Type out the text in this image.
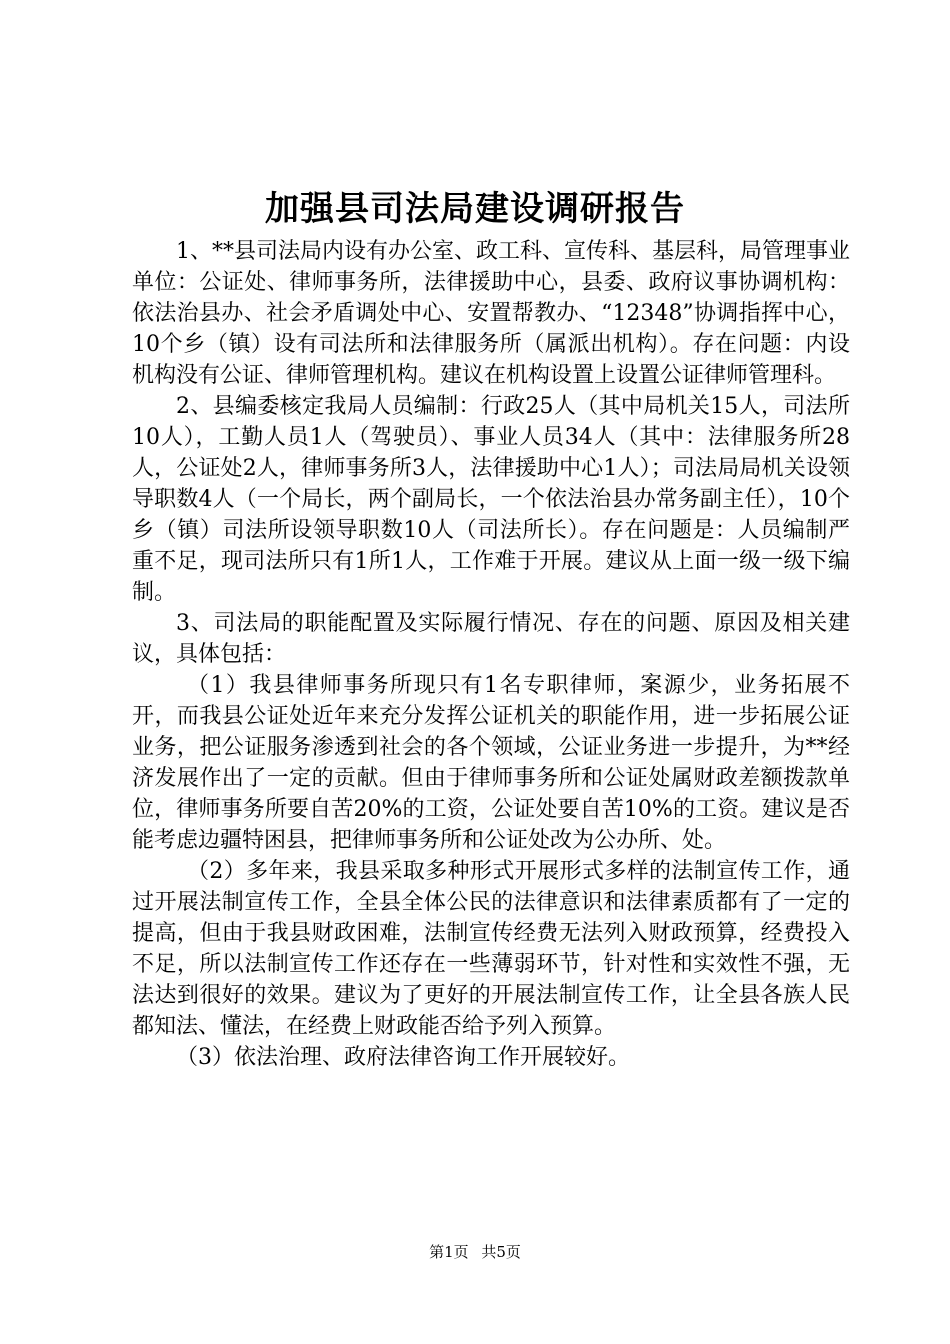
加强县司法局建设调研报告

1、**县司法局内设有办公室、政工科、宣传科、基层科，局管理事业单位：公证处、律师事务所，法律援助中心，县委、政府议事协调机构：依法治县办、社会矛盾调处中心、安置帮教办、“12348”协调指挥中心，10个乡（镇）设有司法所和法律服务所（属派出机构）。存在问题：内设机构没有公证、律师管理机构。建议在机构设置上设置公证律师管理科。

2、县编委核定我局人员编制：行政25人（其中局机关15人，司法所10人），工勤人员1人（驾驶员）、事业人员34人（其中：法律服务所28人，公证处2人，律师事务所3人，法律援助中心1人）；司法局局机关设领导职数4人（一个局长，两个副局长，一个依法治县办常务副主任），10个乡（镇）司法所设领导职数10人（司法所长）。存在问题是：人员编制严重不足，现司法所只有1所1人，工作难于开展。建议从上面一级一级下编制。

3、司法局的职能配置及实际履行情况、存在的问题、原因及相关建议，具体包括：

（1）我县律师事务所现只有1名专职律师，案源少，业务拓展不开，而我县公证处近年来充分发挥公证机关的职能作用，进一步拓展公证业务，把公证服务渗透到社会的各个领域，公证业务进一步提升，为**经济发展作出了一定的贡献。但由于律师事务所和公证处属财政差额拨款单位，律师事务所要自苦20%的工资，公证处要自苦10%的工资。建议是否能考虑边疆特困县，把律师事务所和公证处改为公办所、处。

（2）多年来，我县采取多种形式开展形式多样的法制宣传工作，通过开展法制宣传工作，全县全体公民的法律意识和法律素质都有了一定的提高，但由于我县财政困难，法制宣传经费无法列入财政预算，经费投入不足，所以法制宣传工作还存在一些薄弱环节，针对性和实效性不强，无法达到很好的效果。建议为了更好的开展法制宣传工作，让全县各族人民都知法、懂法，在经费上财政能否给予列入预算。

（3）依法治理、政府法律咨询工作开展较好。

第1页 共5页
